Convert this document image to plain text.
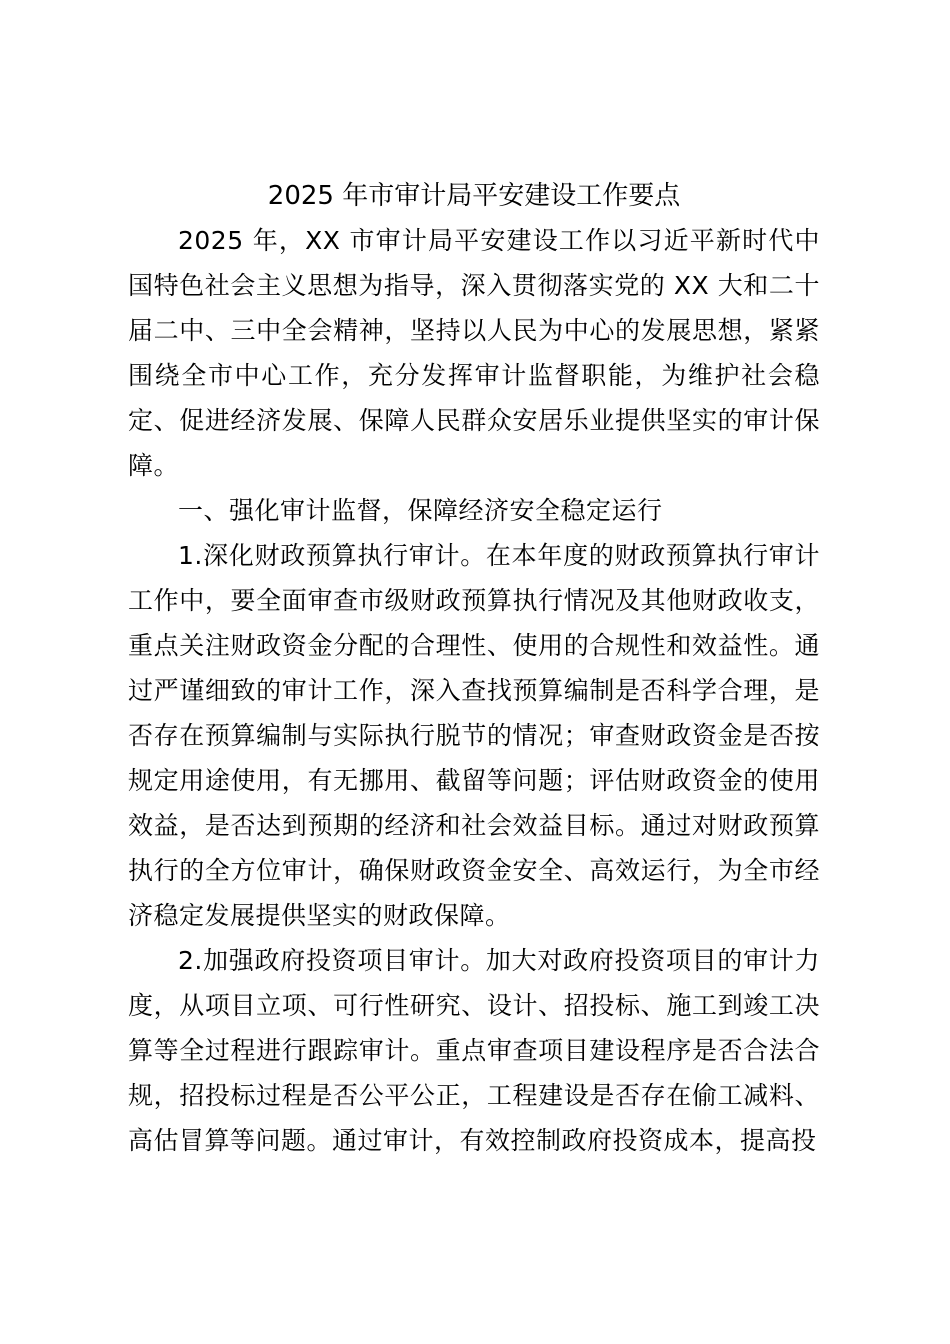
2025 年市审计局平安建设工作要点

2025 年，XX 市审计局平安建设工作以习近平新时代中国特色社会主义思想为指导，深入贯彻落实党的 XX 大和二十届二中、三中全会精神，坚持以人民为中心的发展思想，紧紧围绕全市中心工作，充分发挥审计监督职能，为维护社会稳定、促进经济发展、保障人民群众安居乐业提供坚实的审计保障。

一、强化审计监督，保障经济安全稳定运行

1.深化财政预算执行审计。在本年度的财政预算执行审计工作中，要全面审查市级财政预算执行情况及其他财政收支，重点关注财政资金分配的合理性、使用的合规性和效益性。通过严谨细致的审计工作，深入查找预算编制是否科学合理，是否存在预算编制与实际执行脱节的情况；审查财政资金是否按规定用途使用，有无挪用、截留等问题；评估财政资金的使用效益，是否达到预期的经济和社会效益目标。通过对财政预算执行的全方位审计，确保财政资金安全、高效运行，为全市经济稳定发展提供坚实的财政保障。

2.加强政府投资项目审计。加大对政府投资项目的审计力度，从项目立项、可行性研究、设计、招投标、施工到竣工决算等全过程进行跟踪审计。重点审查项目建设程序是否合法合规，招投标过程是否公平公正，工程建设是否存在偷工减料、高估冒算等问题。通过审计，有效控制政府投资成本，提高投
